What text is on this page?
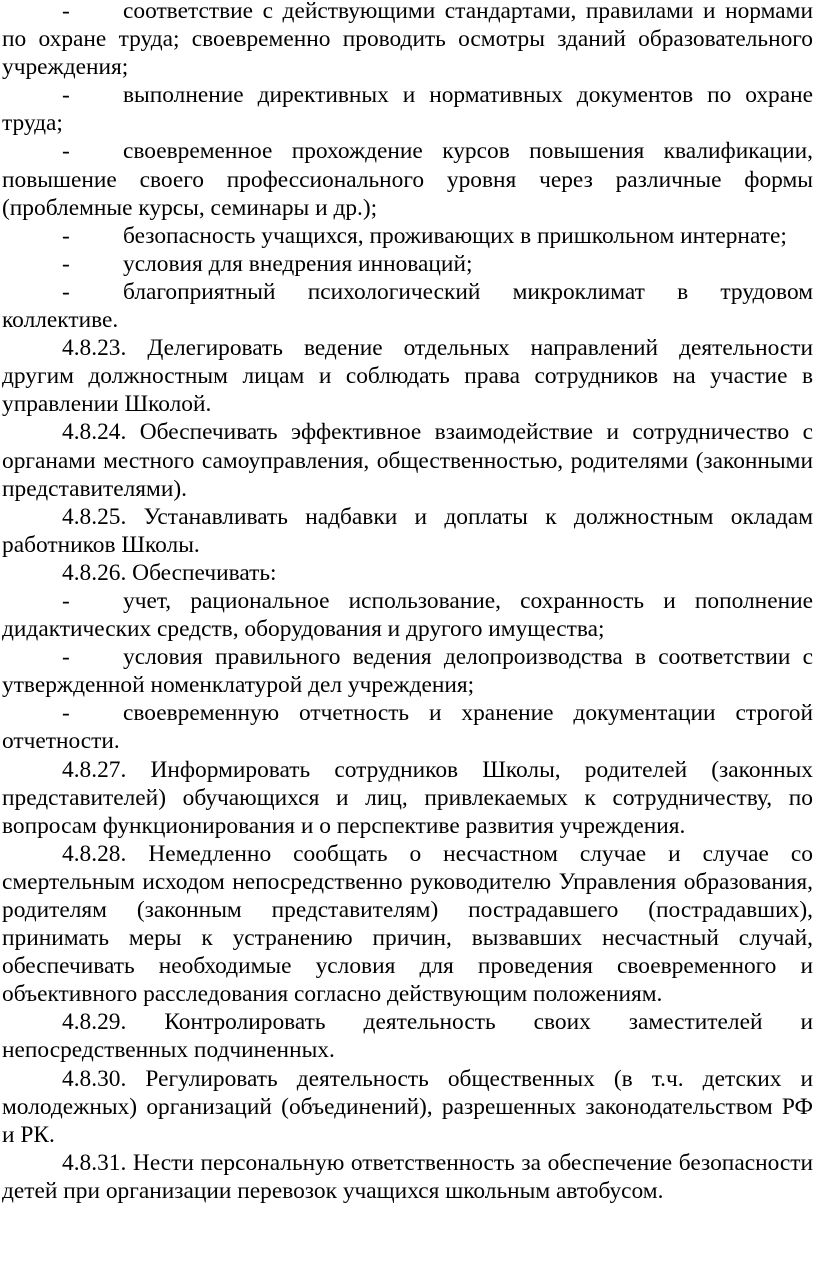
- соответствие с действующими стандартами, правилами и нормами по охране труда; своевременно проводить осмотры зданий образовательного учреждения;

- выполнение директивных и нормативных документов по охране труда;

- своевременное прохождение курсов повышения квалификации, повышение своего профессионального уровня через различные формы (проблемные курсы, семинары и др.);

- безопасность учащихся, проживающих в пришкольном интернате;

- условия для внедрения инноваций;

- благоприятный психологический микроклимат в трудовом коллективе.

4.8.23. Делегировать ведение отдельных направлений деятельности другим должностным лицам и соблюдать права сотрудников на участие в управлении Школой.

4.8.24. Обеспечивать эффективное взаимодействие и сотрудничество с органами местного самоуправления, общественностью, родителями (законными представителями).

4.8.25. Устанавливать надбавки и доплаты к должностным окладам работников Школы.

4.8.26. Обеспечивать:

- учет, рациональное использование, сохранность и пополнение дидактических средств, оборудования и другого имущества;

- условия правильного ведения делопроизводства в соответствии с утвержденной номенклатурой дел учреждения;

- своевременную отчетность и хранение документации строгой отчетности.

4.8.27. Информировать сотрудников Школы, родителей (законных представителей) обучающихся и лиц, привлекаемых к сотрудничеству, по вопросам функционирования и о перспективе развития учреждения.

4.8.28. Немедленно сообщать о несчастном случае и случае со смертельным исходом непосредственно руководителю Управления образования, родителям (законным представителям) пострадавшего (пострадавших), принимать меры к устранению причин, вызвавших несчастный случай, обеспечивать необходимые условия для проведения своевременного и объективного расследования согласно действующим положениям.

4.8.29. Контролировать деятельность своих заместителей и непосредственных подчиненных.

4.8.30. Регулировать деятельность общественных (в т.ч. детских и молодежных) организаций (объединений), разрешенных законодательством РФ и РК.

4.8.31. Нести персональную ответственность за обеспечение безопасности детей при организации перевозок учащихся школьным автобусом.
